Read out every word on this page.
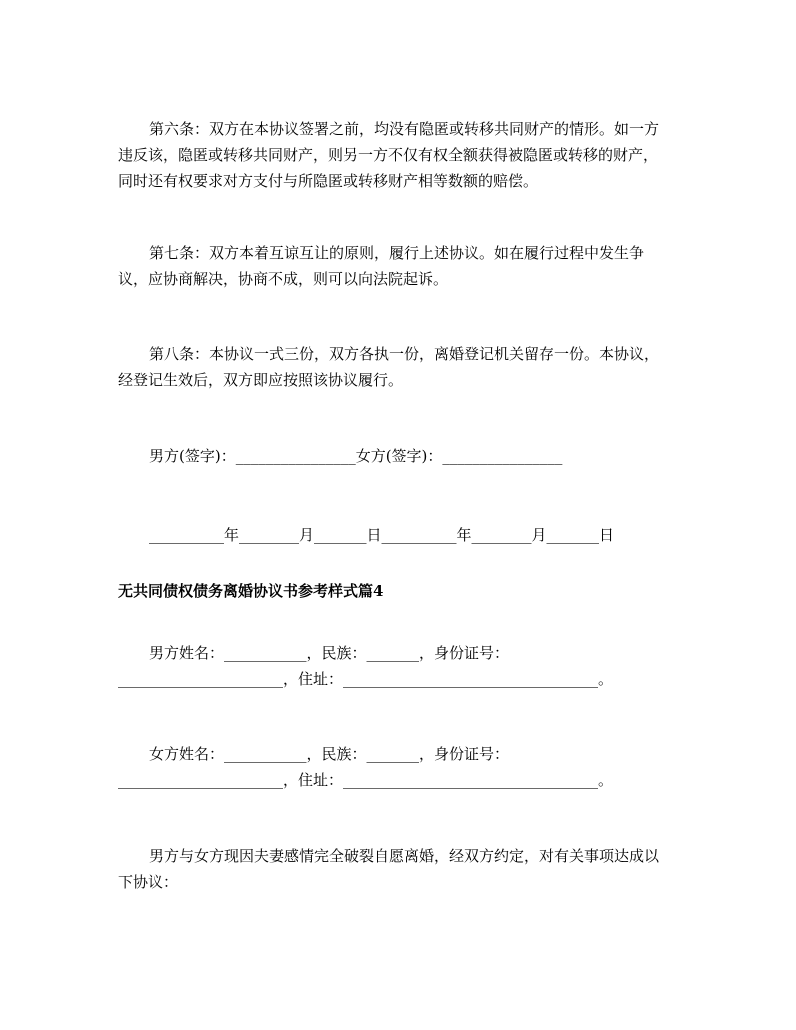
第六条：双方在本协议签署之前，均没有隐匿或转移共同财产的情形。如一方
违反该，隐匿或转移共同财产，则另一方不仅有权全额获得被隐匿或转移的财产，
同时还有权要求对方支付与所隐匿或转移财产相等数额的赔偿。
第七条：双方本着互谅互让的原则，履行上述协议。如在履行过程中发生争
议，应协商解决，协商不成，则可以向法院起诉。
第八条：本协议一式三份，双方各执一份，离婚登记机关留存一份。本协议，
经登记生效后，双方即应按照该协议履行。
男方(签字)：________________女方(签字)：________________
__________年________月_______日__________年________月_______日
无共同债权债务离婚协议书参考样式篇4
男方姓名：___________，民族：_______，身份证号：
______________________，住址：__________________________________。
女方姓名：___________，民族：_______，身份证号：
______________________，住址：__________________________________。
男方与女方现因夫妻感情完全破裂自愿离婚，经双方约定，对有关事项达成以
下协议：
